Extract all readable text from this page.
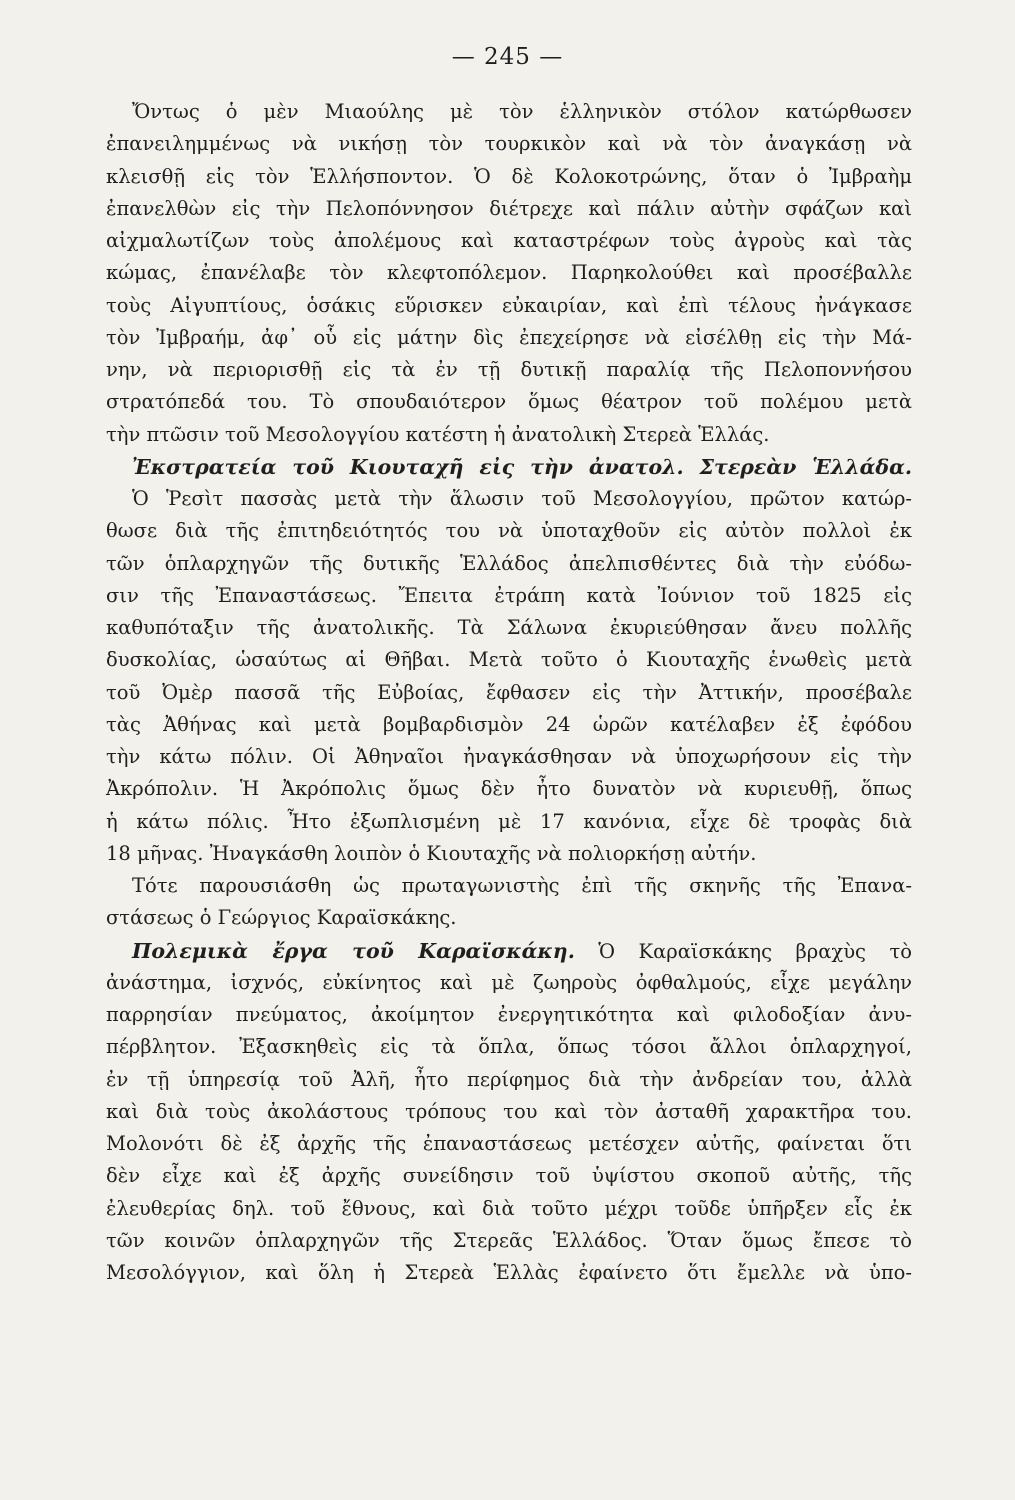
— 245 —
Ὄντως ὁ μὲν Μιαούλης μὲ τὸν ἑλληνικὸν στόλον κατώρθωσεν
ἐπανειλημμένως νὰ νικήσῃ τὸν τουρκικὸν καὶ νὰ τὸν ἀναγκάσῃ νὰ
κλεισθῇ εἰς τὸν Ἑλλήσποντον. Ὁ δὲ Κολοκοτρώνης, ὅταν ὁ Ἰμβραὴμ
ἐπανελθὼν εἰς τὴν Πελοπόννησον διέτρεχε καὶ πάλιν αὐτὴν σφάζων καὶ
αἰχμαλωτίζων τοὺς ἀπολέμους καὶ καταστρέφων τοὺς ἀγροὺς καὶ τὰς
κώμας, ἐπανέλαβε τὸν κλεφτοπόλεμον. Παρηκολούθει καὶ προσέβαλλε
τοὺς Αἰγυπτίους, ὁσάκις εὕρισκεν εὐκαιρίαν, καὶ ἐπὶ τέλους ἠνάγκασε
τὸν Ἰμβραήμ, ἀφ᾿ οὗ εἰς μάτην δὶς ἐπεχείρησε νὰ εἰσέλθῃ εἰς τὴν Μά-
νην, νὰ περιορισθῇ εἰς τὰ ἐν τῇ δυτικῇ παραλίᾳ τῆς Πελοποννήσου
στρατόπεδά του. Τὸ σπουδαιότερον ὅμως θέατρον τοῦ πολέμου μετὰ
τὴν πτῶσιν τοῦ Μεσολογγίου κατέστη ἡ ἀνατολικὴ Στερεὰ Ἑλλάς.
Ἐκστρατεία τοῦ Κιουταχῆ εἰς τὴν ἀνατολ. Στερεὰν Ἑλλάδα.
Ὁ Ῥεσὶτ πασσὰς μετὰ τὴν ἅλωσιν τοῦ Μεσολογγίου, πρῶτον κατώρ-
θωσε διὰ τῆς ἐπιτηδειότητός του νὰ ὑποταχθοῦν εἰς αὐτὸν πολλοὶ ἐκ
τῶν ὁπλαρχηγῶν τῆς δυτικῆς Ἑλλάδος ἀπελπισθέντες διὰ τὴν εὐόδω-
σιν τῆς Ἐπαναστάσεως. Ἔπειτα ἐτράπη κατὰ Ἰούνιον τοῦ 1825 εἰς
καθυπόταξιν τῆς ἀνατολικῆς. Τὰ Σάλωνα ἐκυριεύθησαν ἄνευ πολλῆς
δυσκολίας, ὡσαύτως αἱ Θῆβαι. Μετὰ τοῦτο ὁ Κιουταχῆς ἑνωθεὶς μετὰ
τοῦ Ὀμὲρ πασσᾶ τῆς Εὐβοίας, ἔφθασεν εἰς τὴν Ἀττικήν, προσέβαλε
τὰς Ἀθήνας καὶ μετὰ βομβαρδισμὸν 24 ὡρῶν κατέλαβεν ἐξ ἐφόδου
τὴν κάτω πόλιν. Οἱ Ἀθηναῖοι ἠναγκάσθησαν νὰ ὑποχωρήσουν εἰς τὴν
Ἀκρόπολιν. Ἡ Ἀκρόπολις ὅμως δὲν ἦτο δυνατὸν νὰ κυριευθῇ, ὅπως
ἡ κάτω πόλις. Ἦτο ἐξωπλισμένη μὲ 17 κανόνια, εἶχε δὲ τροφὰς διὰ
18 μῆνας. Ἠναγκάσθη λοιπὸν ὁ Κιουταχῆς νὰ πολιορκήσῃ αὐτήν.
Τότε παρουσιάσθη ὡς πρωταγωνιστὴς ἐπὶ τῆς σκηνῆς τῆς Ἐπανα-
στάσεως ὁ Γεώργιος Καραϊσκάκης.
Πολεμικὰ ἔργα τοῦ Καραϊσκάκη. Ὁ Καραϊσκάκης βραχὺς τὸ
ἀνάστημα, ἰσχνός, εὐκίνητος καὶ μὲ ζωηροὺς ὀφθαλμούς, εἶχε μεγάλην
παρρησίαν πνεύματος, ἀκοίμητον ἐνεργητικότητα καὶ φιλοδοξίαν ἀνυ-
πέρβλητον. Ἐξασκηθεὶς εἰς τὰ ὅπλα, ὅπως τόσοι ἄλλοι ὁπλαρχηγοί,
ἐν τῇ ὑπηρεσίᾳ τοῦ Ἀλῆ, ἦτο περίφημος διὰ τὴν ἀνδρείαν του, ἀλλὰ
καὶ διὰ τοὺς ἀκολάστους τρόπους του καὶ τὸν ἀσταθῆ χαρακτῆρα του.
Μολονότι δὲ ἐξ ἀρχῆς τῆς ἐπαναστάσεως μετέσχεν αὐτῆς, φαίνεται ὅτι
δὲν εἶχε καὶ ἐξ ἀρχῆς συνείδησιν τοῦ ὑψίστου σκοποῦ αὐτῆς, τῆς
ἐλευθερίας δηλ. τοῦ ἔθνους, καὶ διὰ τοῦτο μέχρι τοῦδε ὑπῆρξεν εἷς ἐκ
τῶν κοινῶν ὁπλαρχηγῶν τῆς Στερεᾶς Ἑλλάδος. Ὅταν ὅμως ἔπεσε τὸ
Μεσολόγγιον, καὶ ὅλη ἡ Στερεὰ Ἑλλὰς ἐφαίνετο ὅτι ἔμελλε νὰ ὑπο-
